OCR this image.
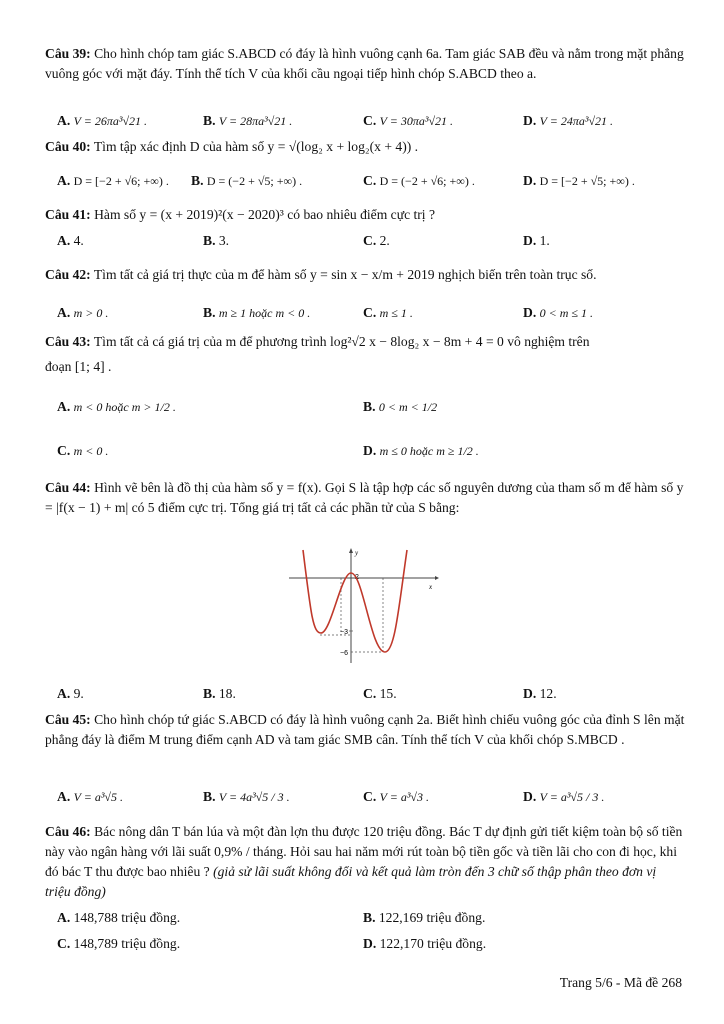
Câu 39: Cho hình chóp tam giác S.ABCD có đáy là hình vuông cạnh 6a. Tam giác SAB đều và nằm trong mặt phẳng vuông góc với mặt đáy. Tính thể tích V của khối cầu ngoại tiếp hình chóp S.ABCD theo a.
A. V = 26πa³√21 .	B. V = 28πa³√21 .	C. V = 30πa³√21 .	D. V = 24πa³√21 .
Câu 40: Tìm tập xác định D của hàm số y = √(log₂ x + log₂(x + 4)) .
A. D = [−2 + √6; +∞) . B. D = (−2 + √5; +∞) .	C. D = (−2 + √6; +∞) .	D. D = [−2 + √5; +∞) .
Câu 41: Hàm số y = (x + 2019)²(x − 2020)³ có bao nhiêu điểm cực trị ?
A. 4.	B. 3.	C. 2.	D. 1.
Câu 42: Tìm tất cả giá trị thực của m để hàm số y = sin x − x/m + 2019 nghịch biến trên toàn trục số.
A. m > 0 .	B. m ≥ 1 hoặc m < 0 .	C. m ≤ 1 .	D. 0 < m ≤ 1 .
Câu 43: Tìm tất cả cá giá trị của m để phương trình log²√2 x − 8log₂ x − 8m + 4 = 0 vô nghiệm trên
đoạn [1; 4] .
A. m < 0 hoặc m > 1/2 .	B. 0 < m < 1/2
C. m < 0 .	D. m ≤ 0 hoặc m ≥ 1/2 .
Câu 44: Hình vẽ bên là đồ thị của hàm số y = f(x). Gọi S là tập hợp các số nguyên dương của tham số m để hàm số y = |f(x − 1) + m| có 5 điểm cực trị. Tổng giá trị tất cả các phần tử của S bằng:
y
x
2
−3
−6
A. 9.	B. 18.	C. 15.	D. 12.
Câu 45: Cho hình chóp tứ giác S.ABCD có đáy là hình vuông cạnh 2a. Biết hình chiếu vuông góc của đỉnh S lên mặt phẳng đáy là điểm M trung điểm cạnh AD và tam giác SMB cân. Tính thể tích V của khối chóp S.MBCD .
A. V = a³√5 .	B. V = 4a³√5 / 3 .	C. V = a³√3 .	D. V = a³√5 / 3 .
Câu 46: Bác nông dân T bán lúa và một đàn lợn thu được 120 triệu đồng. Bác T dự định gửi tiết kiệm toàn bộ số tiền này vào ngân hàng với lãi suất 0,9% / tháng. Hỏi sau hai năm mới rút toàn bộ tiền gốc và tiền lãi cho con đi học, khi đó bác T thu được bao nhiêu ? (giả sử lãi suất không đổi và kết quả làm tròn đến 3 chữ số thập phân theo đơn vị triệu đồng)
A. 148,788 triệu đồng.	B. 122,169 triệu đồng.
C. 148,789 triệu đồng.	D. 122,170 triệu đồng.
Trang 5/6 - Mã đề 268
